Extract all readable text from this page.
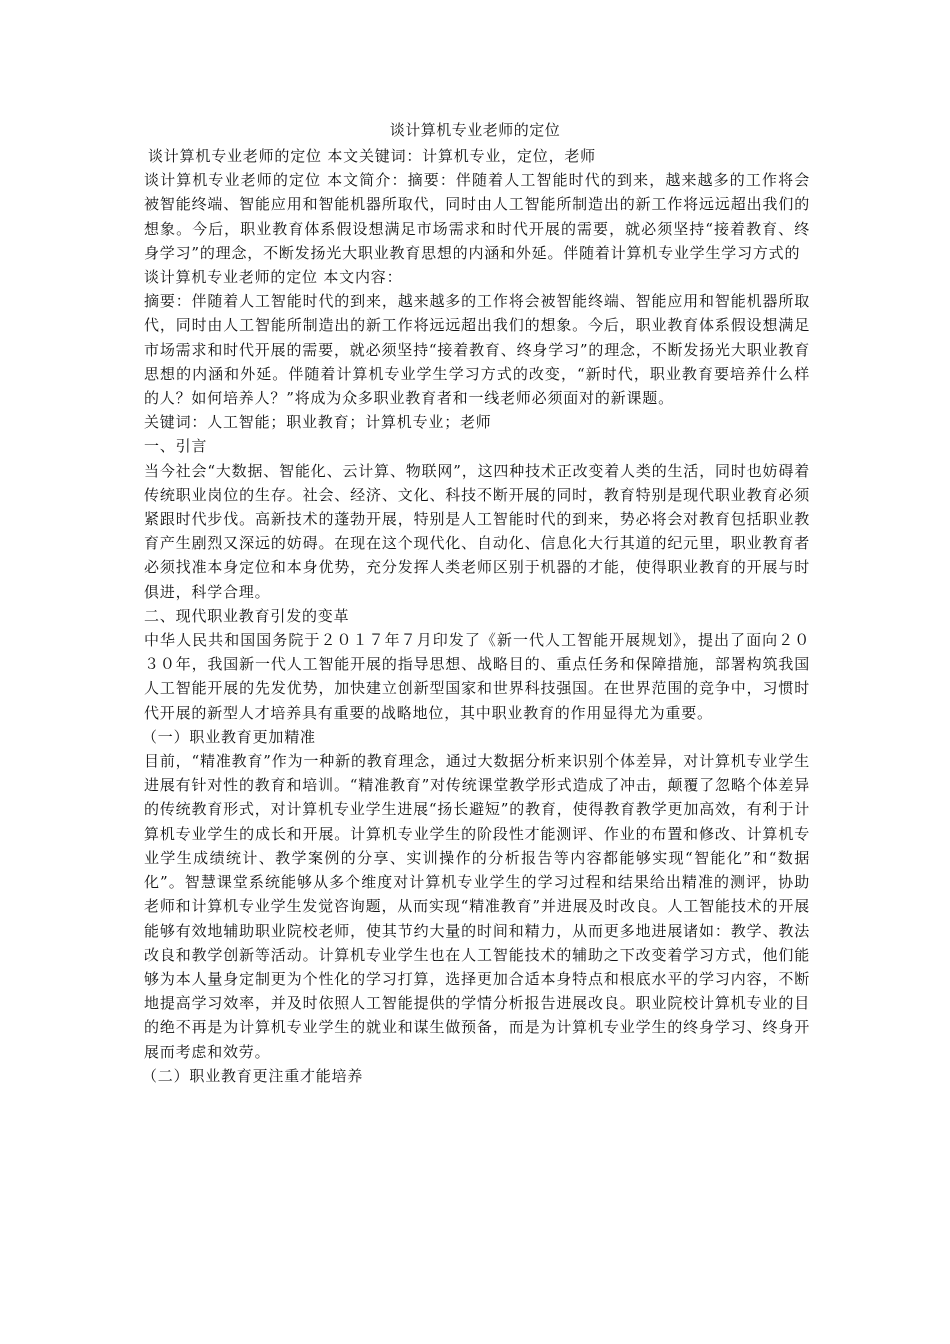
谈计算机专业老师的定位

谈计算机专业老师的定位 本文关键词：计算机专业，定位，老师

谈计算机专业老师的定位 本文简介：摘要：伴随着人工智能时代的到来，越来越多的工作将会被智能终端、智能应用和智能机器所取代，同时由人工智能所制造出的新工作将远远超出我们的想象。今后，职业教育体系假设想满足市场需求和时代开展的需要，就必须坚持“接着教育、终身学习”的理念，不断发扬光大职业教育思想的内涵和外延。伴随着计算机专业学生学习方式的

谈计算机专业老师的定位 本文内容：

摘要：伴随着人工智能时代的到来，越来越多的工作将会被智能终端、智能应用和智能机器所取代，同时由人工智能所制造出的新工作将远远超出我们的想象。今后，职业教育体系假设想满足市场需求和时代开展的需要，就必须坚持“接着教育、终身学习”的理念，不断发扬光大职业教育思想的内涵和外延。伴随着计算机专业学生学习方式的改变，“新时代，职业教育要培养什么样的人？如何培养人？”将成为众多职业教育者和一线老师必须面对的新课题。

关键词：人工智能；职业教育；计算机专业；老师

一、引言

当今社会“大数据、智能化、云计算、物联网”，这四种技术正改变着人类的生活，同时也妨碍着传统职业岗位的生存。社会、经济、文化、科技不断开展的同时，教育特别是现代职业教育必须紧跟时代步伐。高新技术的蓬勃开展，特别是人工智能时代的到来，势必将会对教育包括职业教育产生剧烈又深远的妨碍。在现在这个现代化、自动化、信息化大行其道的纪元里，职业教育者必须找准本身定位和本身优势，充分发挥人类老师区别于机器的才能，使得职业教育的开展与时俱进，科学合理。

二、现代职业教育引发的变革

中华人民共和国国务院于２０１７年７月印发了《新一代人工智能开展规划》，提出了面向２０３０年，我国新一代人工智能开展的指导思想、战略目的、重点任务和保障措施，部署构筑我国人工智能开展的先发优势，加快建立创新型国家和世界科技强国。在世界范围的竞争中，习惯时代开展的新型人才培养具有重要的战略地位，其中职业教育的作用显得尤为重要。

（一）职业教育更加精准

目前，“精准教育”作为一种新的教育理念，通过大数据分析来识别个体差异，对计算机专业学生进展有针对性的教育和培训。“精准教育”对传统课堂教学形式造成了冲击，颠覆了忽略个体差异的传统教育形式，对计算机专业学生进展“扬长避短”的教育，使得教育教学更加高效，有利于计算机专业学生的成长和开展。计算机专业学生的阶段性才能测评、作业的布置和修改、计算机专业学生成绩统计、教学案例的分享、实训操作的分析报告等内容都能够实现“智能化”和“数据化”。智慧课堂系统能够从多个维度对计算机专业学生的学习过程和结果给出精准的测评，协助老师和计算机专业学生发觉咨询题，从而实现“精准教育”并进展及时改良。人工智能技术的开展能够有效地辅助职业院校老师，使其节约大量的时间和精力，从而更多地进展诸如：教学、教法改良和教学创新等活动。计算机专业学生也在人工智能技术的辅助之下改变着学习方式，他们能够为本人量身定制更为个性化的学习打算，选择更加合适本身特点和根底水平的学习内容，不断地提高学习效率，并及时依照人工智能提供的学情分析报告进展改良。职业院校计算机专业的目的绝不再是为计算机专业学生的就业和谋生做预备，而是为计算机专业学生的终身学习、终身开展而考虑和效劳。

（二）职业教育更注重才能培养
